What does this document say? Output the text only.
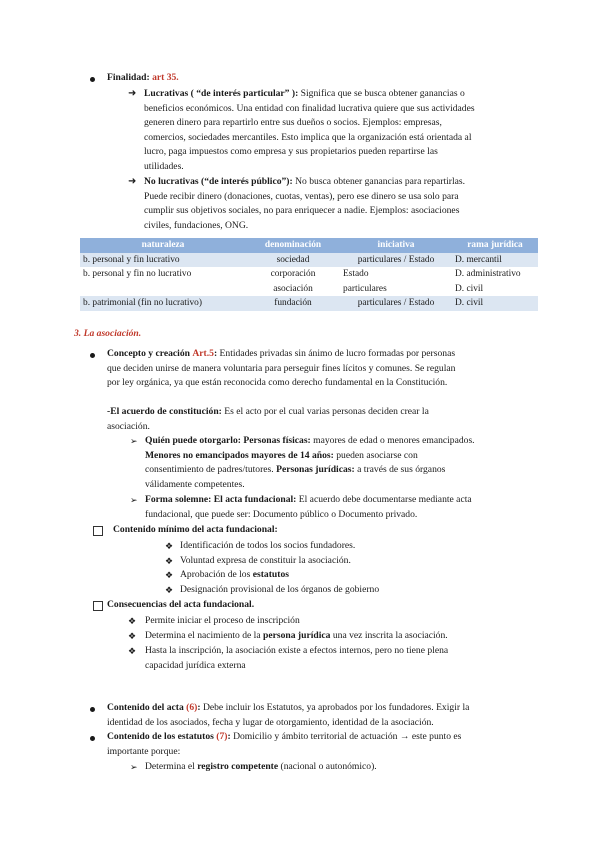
Finalidad: art 35.
➜ Lucrativas ( “de interés particular” ): Significa que se busca obtener ganancias o
beneficios económicos. Una entidad con finalidad lucrativa quiere que sus actividades
generen dinero para repartirlo entre sus dueños o socios. Ejemplos: empresas,
comercios, sociedades mercantiles. Esto implica que la organización está orientada al
lucro, paga impuestos como empresa y sus propietarios pueden repartirse las
utilidades.
➜ No lucrativas (“de interés público”): No busca obtener ganancias para repartirlas.
Puede recibir dinero (donaciones, cuotas, ventas), pero ese dinero se usa solo para
cumplir sus objetivos sociales, no para enriquecer a nadie. Ejemplos: asociaciones
civiles, fundaciones, ONG.
naturaleza	denominación	iniciativa	rama jurídica
b. personal y fin lucrativo	sociedad	particulares / Estado	D. mercantil
b. personal y fin no lucrativo	corporación	Estado	D. administrativo
	asociación	particulares	D. civil
b. patrimonial (fin no lucrativo)	fundación	particulares / Estado	D. civil
3. La asociación.
Concepto y creación Art.5: Entidades privadas sin ánimo de lucro formadas por personas
que deciden unirse de manera voluntaria para perseguir fines lícitos y comunes. Se regulan
por ley orgánica, ya que están reconocida como derecho fundamental en la Constitución.
-El acuerdo de constitución: Es el acto por el cual varias personas deciden crear la
asociación.
➢ Quién puede otorgarlo: Personas físicas: mayores de edad o menores emancipados.
Menores no emancipados mayores de 14 años: pueden asociarse con
consentimiento de padres/tutores. Personas jurídicas: a través de sus órganos
válidamente competentes.
➢ Forma solemne: El acta fundacional: El acuerdo debe documentarse mediante acta
fundacional, que puede ser: Documento público o Documento privado.
Contenido mínimo del acta fundacional:
❖ Identificación de todos los socios fundadores.
❖ Voluntad expresa de constituir la asociación.
❖ Aprobación de los estatutos
❖ Designación provisional de los órganos de gobierno
Consecuencias del acta fundacional.
❖ Permite iniciar el proceso de inscripción
❖ Determina el nacimiento de la persona jurídica una vez inscrita la asociación.
❖ Hasta la inscripción, la asociación existe a efectos internos, pero no tiene plena
capacidad jurídica externa
Contenido del acta (6): Debe incluir los Estatutos, ya aprobados por los fundadores. Exigir la
identidad de los asociados, fecha y lugar de otorgamiento, identidad de la asociación.
Contenido de los estatutos (7): Domicilio y ámbito territorial de actuación → este punto es
importante porque:
➢ Determina el registro competente (nacional o autonómico).
